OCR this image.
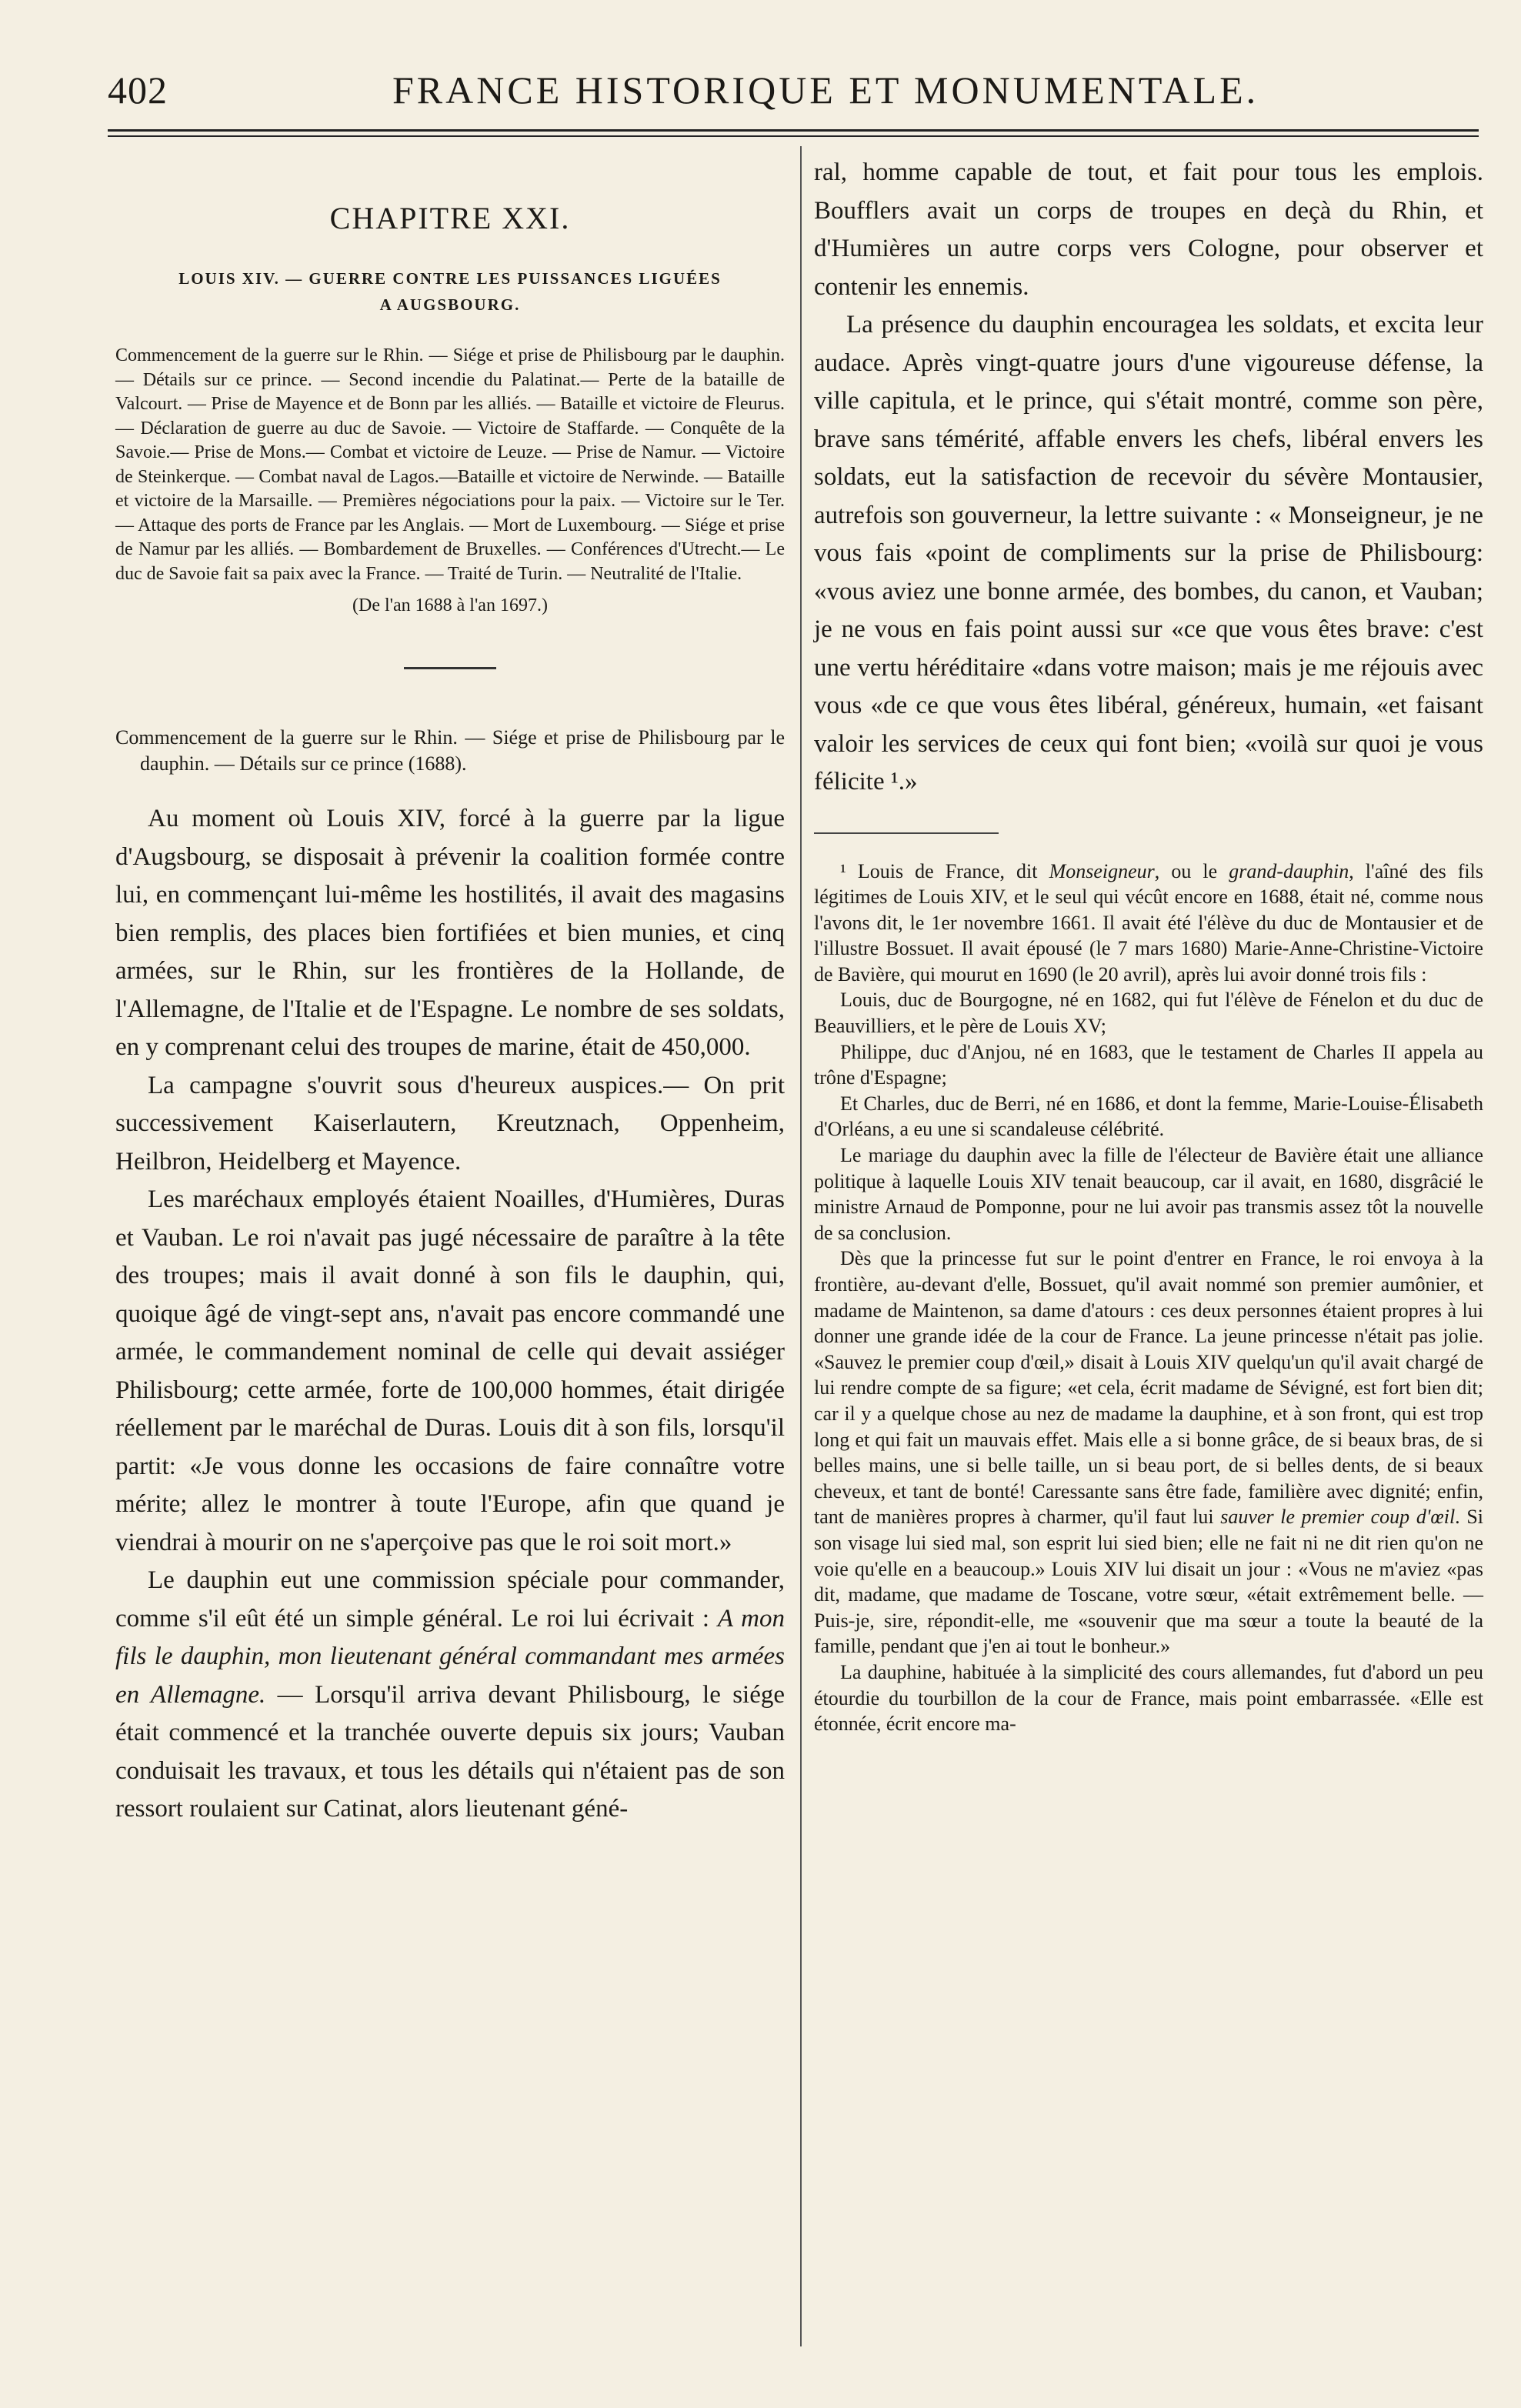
402	FRANCE HISTORIQUE ET MONUMENTALE.
CHAPITRE XXI.
LOUIS XIV. — GUERRE CONTRE LES PUISSANCES LIGUÉES
A AUGSBOURG.

Commencement de la guerre sur le Rhin. — Siége et prise de Philisbourg par le dauphin. — Détails sur ce prince. — Second incendie du Palatinat.— Perte de la bataille de Valcourt. — Prise de Mayence et de Bonn par les alliés. — Bataille et victoire de Fleurus. — Déclaration de guerre au duc de Savoie. — Victoire de Staffarde. — Conquête de la Savoie.— Prise de Mons.— Combat et victoire de Leuze. — Prise de Namur. — Victoire de Steinkerque. — Combat naval de Lagos.—Bataille et victoire de Nerwinde. — Bataille et victoire de la Marsaille. — Premières négociations pour la paix. — Victoire sur le Ter. — Attaque des ports de France par les Anglais. — Mort de Luxembourg. — Siége et prise de Namur par les alliés. — Bombardement de Bruxelles. — Conférences d'Utrecht.— Le duc de Savoie fait sa paix avec la France. — Traité de Turin. — Neutralité de l'Italie.

(De l'an 1688 à l'an 1697.)

Commencement de la guerre sur le Rhin. — Siége et prise de Philisbourg par le dauphin. — Détails sur ce prince (1688).

Au moment où Louis XIV, forcé à la guerre par la ligue d'Augsbourg, se disposait à prévenir la coalition formée contre lui, en commençant lui-même les hostilités, il avait des magasins bien remplis, des places bien fortifiées et bien munies, et cinq armées, sur le Rhin, sur les frontières de la Hollande, de l'Allemagne, de l'Italie et de l'Espagne. Le nombre de ses soldats, en y comprenant celui des troupes de marine, était de 450,000.

La campagne s'ouvrit sous d'heureux auspices.— On prit successivement Kaiserlautern, Kreutznach, Oppenheim, Heilbron, Heidelberg et Mayence.

Les maréchaux employés étaient Noailles, d'Humières, Duras et Vauban. Le roi n'avait pas jugé nécessaire de paraître à la tête des troupes; mais il avait donné à son fils le dauphin, qui, quoique âgé de vingt-sept ans, n'avait pas encore commandé une armée, le commandement nominal de celle qui devait assiéger Philisbourg; cette armée, forte de 100,000 hommes, était dirigée réellement par le maréchal de Duras. Louis dit à son fils, lorsqu'il partit: «Je vous donne les occasions de faire connaître votre mérite; allez le montrer à toute l'Europe, afin que quand je viendrai à mourir on ne s'aperçoive pas que le roi soit mort.»

Le dauphin eut une commission spéciale pour commander, comme s'il eût été un simple général. Le roi lui écrivait : A mon fils le dauphin, mon lieutenant général commandant mes armées en Allemagne. — Lorsqu'il arriva devant Philisbourg, le siége était commencé et la tranchée ouverte depuis six jours; Vauban conduisait les travaux, et tous les détails qui n'étaient pas de son ressort roulaient sur Catinat, alors lieutenant géné-

ral, homme capable de tout, et fait pour tous les emplois. Boufflers avait un corps de troupes en deçà du Rhin, et d'Humières un autre corps vers Cologne, pour observer et contenir les ennemis.

La présence du dauphin encouragea les soldats, et excita leur audace. Après vingt-quatre jours d'une vigoureuse défense, la ville capitula, et le prince, qui s'était montré, comme son père, brave sans témérité, affable envers les chefs, libéral envers les soldats, eut la satisfaction de recevoir du sévère Montausier, autrefois son gouverneur, la lettre suivante : « Monseigneur, je ne vous fais «point de compliments sur la prise de Philisbourg: «vous aviez une bonne armée, des bombes, du canon, et Vauban; je ne vous en fais point aussi sur «ce que vous êtes brave: c'est une vertu héréditaire «dans votre maison; mais je me réjouis avec vous «de ce que vous êtes libéral, généreux, humain, «et faisant valoir les services de ceux qui font bien; «voilà sur quoi je vous félicite ¹.»

¹ Louis de France, dit Monseigneur, ou le grand-dauphin, l'aîné des fils légitimes de Louis XIV, et le seul qui vécût encore en 1688, était né, comme nous l'avons dit, le 1er novembre 1661. Il avait été l'élève du duc de Montausier et de l'illustre Bossuet. Il avait épousé (le 7 mars 1680) Marie-Anne-Christine-Victoire de Bavière, qui mourut en 1690 (le 20 avril), après lui avoir donné trois fils :

Louis, duc de Bourgogne, né en 1682, qui fut l'élève de Fénelon et du duc de Beauvilliers, et le père de Louis XV;

Philippe, duc d'Anjou, né en 1683, que le testament de Charles II appela au trône d'Espagne;

Et Charles, duc de Berri, né en 1686, et dont la femme, Marie-Louise-Élisabeth d'Orléans, a eu une si scandaleuse célébrité.

Le mariage du dauphin avec la fille de l'électeur de Bavière était une alliance politique à laquelle Louis XIV tenait beaucoup, car il avait, en 1680, disgrâcié le ministre Arnaud de Pomponne, pour ne lui avoir pas transmis assez tôt la nouvelle de sa conclusion.

Dès que la princesse fut sur le point d'entrer en France, le roi envoya à la frontière, au-devant d'elle, Bossuet, qu'il avait nommé son premier aumônier, et madame de Maintenon, sa dame d'atours : ces deux personnes étaient propres à lui donner une grande idée de la cour de France. La jeune princesse n'était pas jolie. «Sauvez le premier coup d'œil,» disait à Louis XIV quelqu'un qu'il avait chargé de lui rendre compte de sa figure; «et cela, écrit madame de Sévigné, est fort bien dit; car il y a quelque chose au nez de madame la dauphine, et à son front, qui est trop long et qui fait un mauvais effet. Mais elle a si bonne grâce, de si beaux bras, de si belles mains, une si belle taille, un si beau port, de si belles dents, de si beaux cheveux, et tant de bonté! Caressante sans être fade, familière avec dignité; enfin, tant de manières propres à charmer, qu'il faut lui sauver le premier coup d'œil. Si son visage lui sied mal, son esprit lui sied bien; elle ne fait ni ne dit rien qu'on ne voie qu'elle en a beaucoup.» Louis XIV lui disait un jour : «Vous ne m'aviez «pas dit, madame, que madame de Toscane, votre sœur, «était extrêmement belle. — Puis-je, sire, répondit-elle, me «souvenir que ma sœur a toute la beauté de la famille, pendant que j'en ai tout le bonheur.»

La dauphine, habituée à la simplicité des cours allemandes, fut d'abord un peu étourdie du tourbillon de la cour de France, mais point embarrassée. «Elle est étonnée, écrit encore ma-
